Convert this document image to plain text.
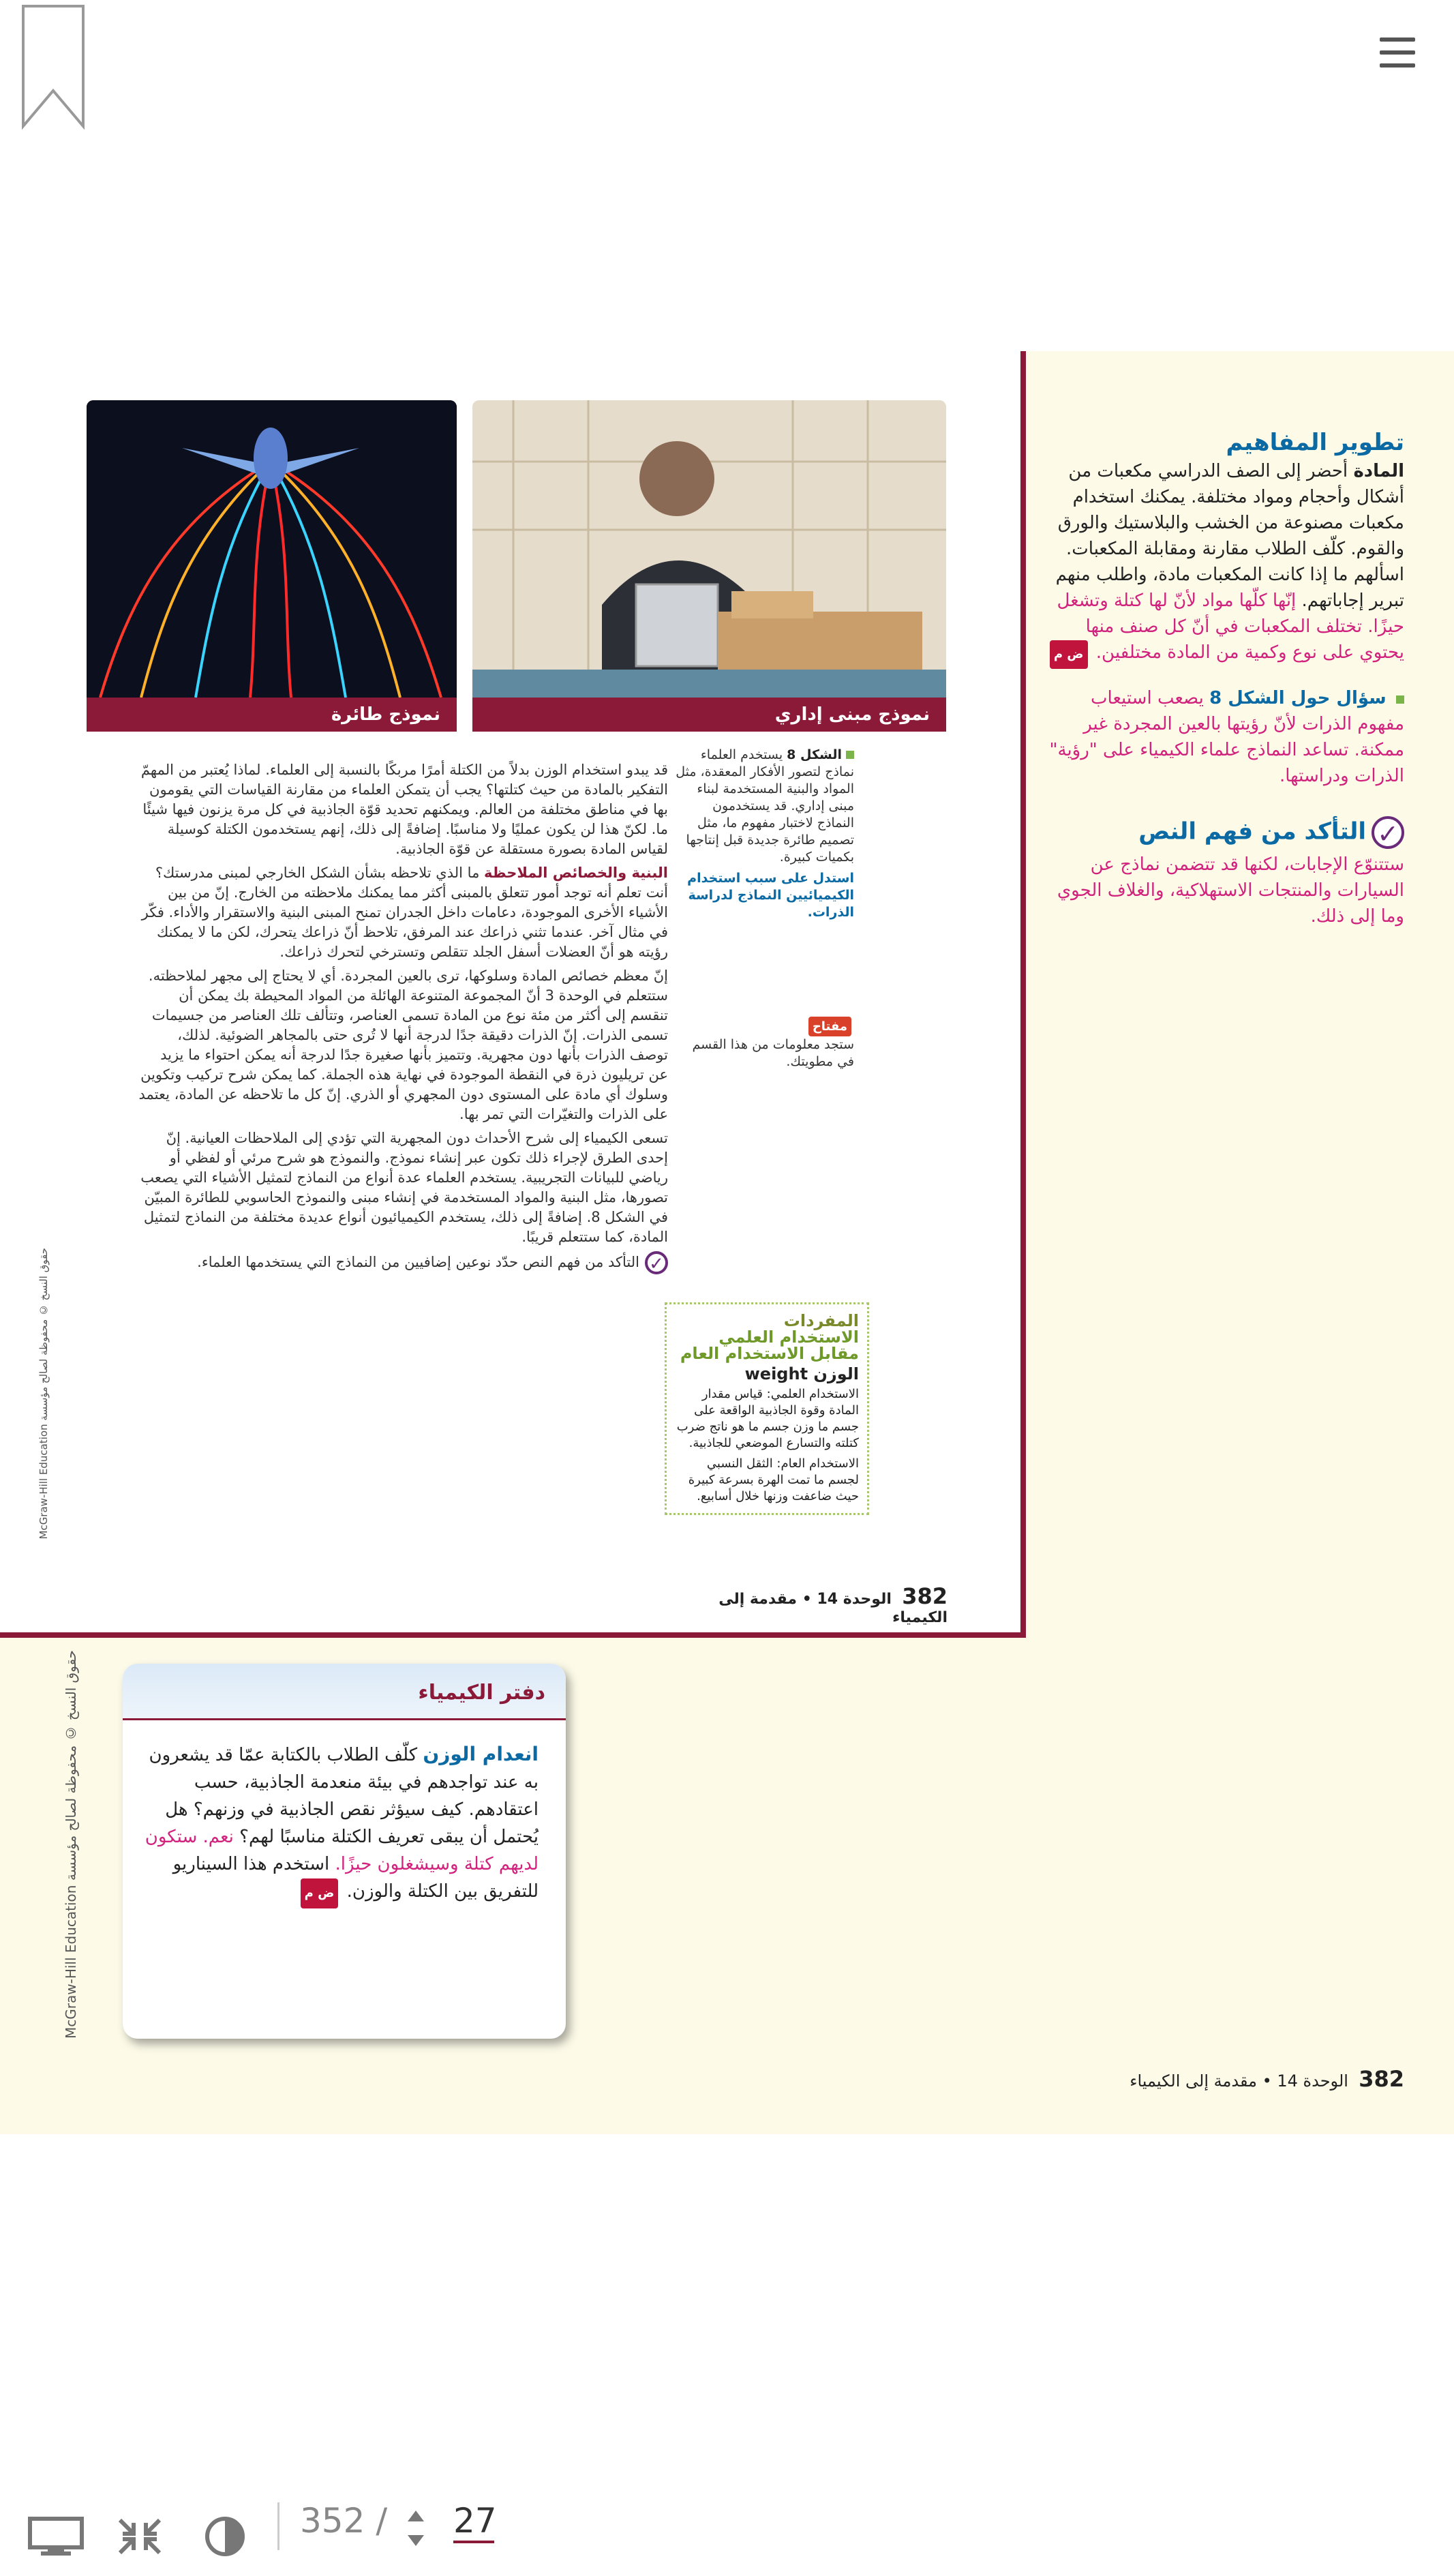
نموذج مبنى إداري
نموذج طائرة

قد يبدو استخدام الوزن بدلاً من الكتلة أمرًا مربكًا بالنسبة إلى العلماء. لماذا يُعتبر من المهمّ التفكير بالمادة من حيث كتلتها؟ يجب أن يتمكن العلماء من مقارنة القياسات التي يقومون بها في مناطق مختلفة من العالم. ويمكنهم تحديد قوّة الجاذبية في كل مرة يزنون فيها شيئًا ما. لكنّ هذا لن يكون عمليًا ولا مناسبًا. إضافةً إلى ذلك، إنهم يستخدمون الكتلة كوسيلة لقياس المادة بصورة مستقلة عن قوّة الجاذبية.

البنية والخصائص الملاحظة ما الذي تلاحظه بشأن الشكل الخارجي لمبنى مدرستك؟ أنت تعلم أنه توجد أمور تتعلق بالمبنى أكثر مما يمكنك ملاحظته من الخارج. إنّ من بين الأشياء الأخرى الموجودة، دعامات داخل الجدران تمنح المبنى البنية والاستقرار والأداء. فكّر في مثال آخر. عندما تثني ذراعك عند المرفق، تلاحظ أنّ ذراعك يتحرك، لكن ما لا يمكنك رؤيته هو أنّ العضلات أسفل الجلد تتقلص وتسترخي لتحرك ذراعك.

إنّ معظم خصائص المادة وسلوكها، ترى بالعين المجردة. أي لا يحتاج إلى مجهر لملاحظته. ستتعلم في الوحدة 3 أنّ المجموعة المتنوعة الهائلة من المواد المحيطة بك يمكن أن تنقسم إلى أكثر من مئة نوع من المادة تسمى العناصر، وتتألف تلك العناصر من جسيمات تسمى الذرات. إنّ الذرات دقيقة جدًا لدرجة أنها لا تُرى حتى بالمجاهر الضوئية. لذلك، توصف الذرات بأنها دون مجهرية. وتتميز بأنها صغيرة جدًا لدرجة أنه يمكن احتواء ما يزيد عن تريليون ذرة في النقطة الموجودة في نهاية هذه الجملة. كما يمكن شرح تركيب وتكوين وسلوك أي مادة على المستوى دون المجهري أو الذري. إنّ كل ما تلاحظه عن المادة، يعتمد على الذرات والتغيّرات التي تمر بها.

تسعى الكيمياء إلى شرح الأحداث دون المجهرية التي تؤدي إلى الملاحظات العيانية. إنّ إحدى الطرق لإجراء ذلك تكون عبر إنشاء نموذج. والنموذج هو شرح مرئي أو لفظي أو رياضي للبيانات التجريبية. يستخدم العلماء عدة أنواع من النماذج لتمثيل الأشياء التي يصعب تصورها، مثل البنية والمواد المستخدمة في إنشاء مبنى والنموذج الحاسوبي للطائرة المبيّن في الشكل 8. إضافةً إلى ذلك، يستخدم الكيميائيون أنواع عديدة مختلفة من النماذج لتمثيل المادة، كما ستتعلم قريبًا.

✓التأكد من فهم النص حدّد نوعين إضافيين من النماذج التي يستخدمها العلماء.

الشكل 8 يستخدم العلماء نماذج لتصور الأفكار المعقدة، مثل المواد والبنية المستخدمة لبناء مبنى إداري. قد يستخدمون النماذج لاختبار مفهوم ما، مثل تصميم طائرة جديدة قبل إنتاجها بكميات كبيرة.
استدل على سبب استخدام الكيميائيين النماذج لدراسة الذرات.
مفتاح
ستجد معلومات من هذا القسم في مطويتك.
المفردات
الاستخدام العلمي مقابل الاستخدام العام
الوزن weight
الاستخدام العلمي: قياس مقدار المادة وقوة الجاذبية الواقعة على جسم ما وزن جسم ما هو ناتج ضرب كتلته والتسارع الموضعي للجاذبية.
الاستخدام العام: الثقل النسبي لجسم ما تمت الهرة بسرعة كبيرة حيث ضاعفت وزنها خلال أسابيع.
382  الوحدة 14 • مقدمة إلى الكيمياء
McGraw-Hill Education حقوق النسخ © محفوظة لصالح مؤسسة
McGraw-Hill Education حقوق النسخ © محفوظة لصالح مؤسسة
تطوير المفاهيم
المادة أحضر إلى الصف الدراسي مكعبات من أشكال وأحجام ومواد مختلفة. يمكنك استخدام مكعبات مصنوعة من الخشب والبلاستيك والورق والقوم. كلّف الطلاب مقارنة ومقابلة المكعبات. اسألهم ما إذا كانت المكعبات مادة، واطلب منهم تبرير إجاباتهم. إنّها كلّها مواد لأنّ لها كتلة وتشغل حيزًا. تختلف المكعبات في أنّ كل صنف منها يحتوي على نوع وكمية من المادة مختلفين. ض م
سؤال حول الشكل 8 يصعب استيعاب مفهوم الذرات لأنّ رؤيتها بالعين المجردة غير ممكنة. تساعد النماذج علماء الكيمياء على "رؤية" الذرات ودراستها.
✓التأكد من فهم النص
ستتنوّع الإجابات، لكنها قد تتضمن نماذج عن السيارات والمنتجات الاستهلاكية، والغلاف الجوي وما إلى ذلك.
دفتر الكيمياء
انعدام الوزن كلّف الطلاب بالكتابة عمّا قد يشعرون به عند تواجدهم في بيئة منعدمة الجاذبية، حسب اعتقادهم. كيف سيؤثر نقص الجاذبية في وزنهم؟ هل يُحتمل أن يبقى تعريف الكتلة مناسبًا لهم؟ نعم. ستكون لديهم كتلة وسيشغلون حيزًا. استخدم هذا السيناريو للتفريق بين الكتلة والوزن. ض م
382  الوحدة 14 • مقدمة إلى الكيمياء
352 /
27
